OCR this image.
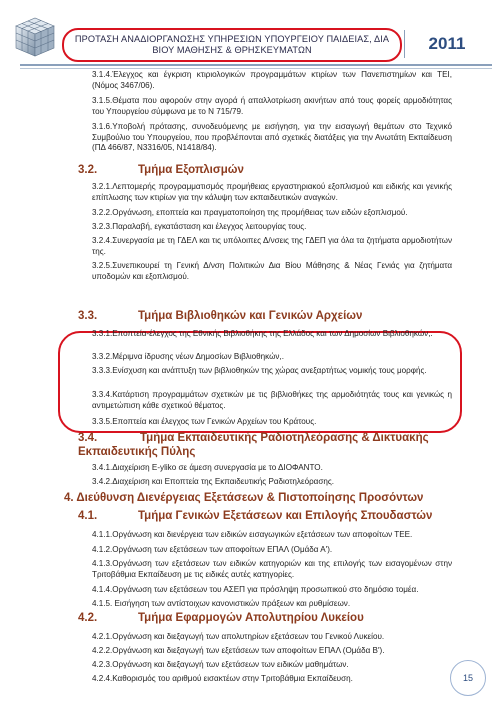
ΠΡΟΤΑΣΗ ΑΝΑΔΙΟΡΓΑΝΩΣΗΣ ΥΠΗΡΕΣΙΩΝ ΥΠΟΥΡΓΕΙΟΥ ΠΑΙΔΕΙΑΣ, ΔΙΑ ΒΙΟΥ ΜΑΘΗΣΗΣ & ΘΡΗΣΚΕΥΜΑΤΩΝ	2011
3.1.4.Έλεγχος και έγκριση κτιριολογικών προγραμμάτων κτιρίων των Πανεπιστημίων και ΤΕΙ, (Νόμος 3467/06).
3.1.5.Θέματα που αφορούν στην αγορά ή απαλλοτρίωση ακινήτων από τους φορείς αρμοδιότητας του Υπουργείου σύμφωνα με το Ν 715/79.
3.1.6.Υποβολή πρότασης, συνοδευόμενης με εισήγηση, για την εισαγωγή θεμάτων στο Τεχνικό Συμβούλιο του Υπουργείου, που προβλέπονται από σχετικές διατάξεις για την Ανωτάτη Εκπαίδευση (ΠΔ 466/87, Ν3316/05, Ν1418/84).
3.2.	Τμήμα Εξοπλισμών
3.2.1.Λεπτομερής προγραμματισμός προμήθειας εργαστηριακού εξοπλισμού και ειδικής και γενικής επίπλωσης των κτιρίων για την κάλυψη των εκπαιδευτικών αναγκών.
3.2.2.Οργάνωση, εποπτεία και πραγματοποίηση της προμήθειας των ειδών εξοπλισμού.
3.2.3.Παραλαβή, εγκατάσταση και έλεγχος λειτουργίας τους.
3.2.4.Συνεργασία με τη ΓΔΕΛ και τις υπόλοιπες Δ/νσεις της ΓΔΕΠ για όλα τα ζητήματα αρμοδιοτήτων της.
3.2.5.Συνεπικουρεί τη Γενική Δ/νση Πολιτικών Δια Βίου Μάθησης & Νέας Γενιάς για ζητήματα υποδομών και εξοπλισμού.
3.3.	Τμήμα Βιβλιοθηκών και Γενικών Αρχείων
3.3.1.Εποπτεία-έλεγχος της Εθνικής Βιβλιοθήκης της Ελλάδος και των Δημοσίων Βιβλιοθηκών,.
3.3.2.Μέριμνα ίδρυσης νέων Δημοσίων Βιβλιοθηκών,.
3.3.3.Ενίσχυση και ανάπτυξη των βιβλιοθηκών της χώρας ανεξαρτήτως νομικής τους μορφής.
3.3.4.Κατάρτιση προγραμμάτων σχετικών με τις βιβλιοθήκες της αρμοδιότητάς τους και γενικώς η αντιμετώπιση κάθε σχετικού θέματος.
3.3.5.Εποπτεία και έλεγχος των Γενικών Αρχείων του Κράτους.
3.4.	Τμήμα Εκπαιδευτικής Ραδιοτηλεόρασης & Δικτυακής
Εκπαιδευτικής Πύλης
3.4.1.Διαχείριση E-yliko σε άμεση συνεργασία με το ΔΙΟΦΑΝΤΟ.
3.4.2.Διαχείριση και Εποπτεία της Εκπαιδευτικής Ραδιοτηλεόρασης.
4. Διεύθυνση Διενέργειας Εξετάσεων & Πιστοποίησης Προσόντων
4.1.	Τμήμα Γενικών Εξετάσεων και Επιλογής Σπουδαστών
4.1.1.Οργάνωση και διενέργεια των ειδικών εισαγωγικών εξετάσεων των αποφοίτων ΤΕΕ.
4.1.2.Οργάνωση των εξετάσεων των αποφοίτων ΕΠΑΛ (Ομάδα Α').
4.1.3.Οργάνωση των εξετάσεων των ειδικών κατηγοριών και της επιλογής των εισαγομένων στην Τριτοβάθμια Εκπαίδευση με τις ειδικές αυτές κατηγορίες.
4.1.4.Οργάνωση των εξετάσεων του ΑΣΕΠ για πρόσληψη προσωπικού στο δημόσιο τομέα.
4.1.5. Εισήγηση των αντίστοιχων κανονιστικών πράξεων και ρυθμίσεων.
4.2.	Τμήμα Εφαρμογών Απολυτηρίου Λυκείου
4.2.1.Οργάνωση και διεξαγωγή των απολυτηρίων εξετάσεων του Γενικού Λυκείου.
4.2.2.Οργάνωση και διεξαγωγή των εξετάσεων των αποφοίτων ΕΠΑΛ (Ομάδα Β').
4.2.3.Οργάνωση και διεξαγωγή των εξετάσεων των ειδικών μαθημάτων.
4.2.4.Καθορισμός του αριθμού εισακτέων στην Τριτοβάθμια Εκπαίδευση.	15
